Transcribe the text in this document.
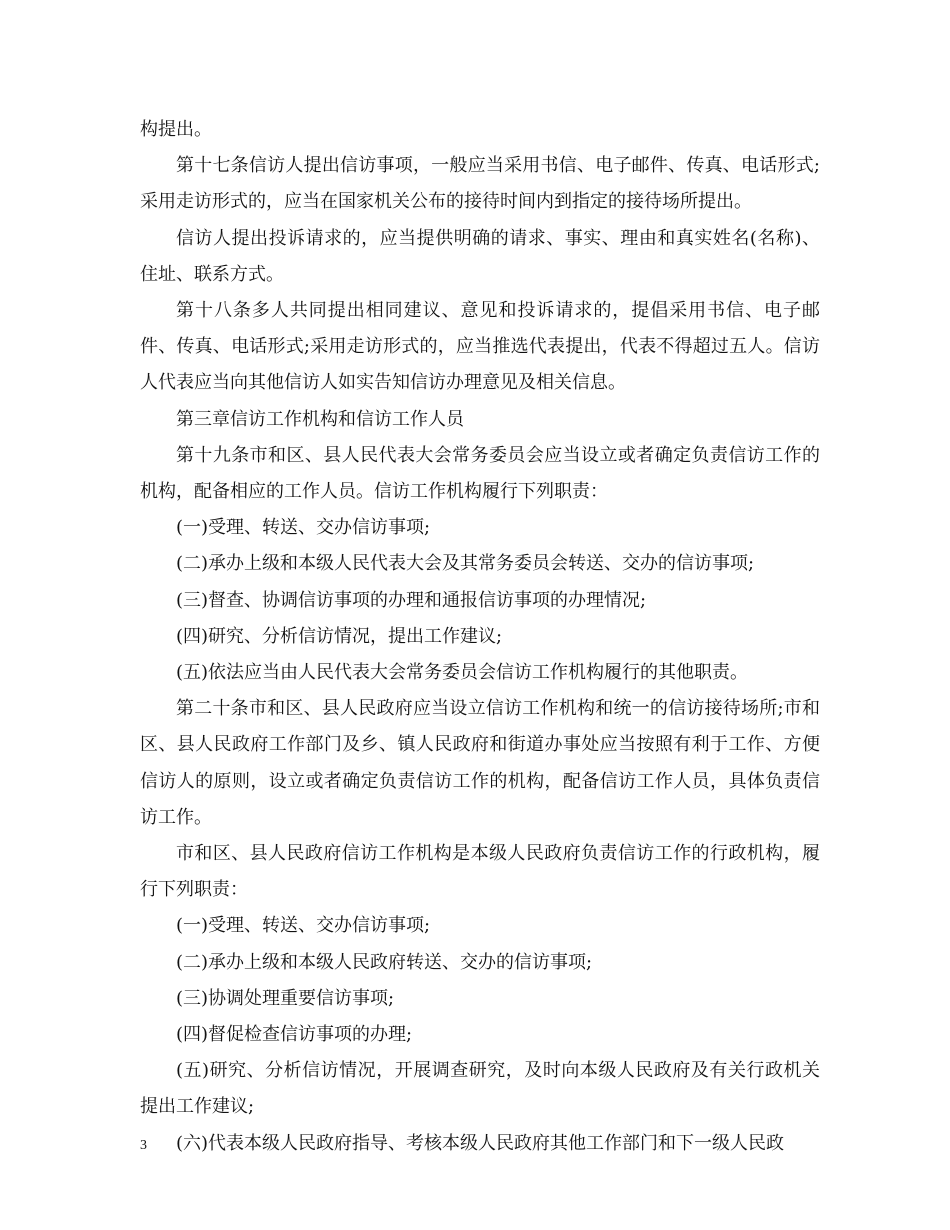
构提出。

第十七条信访人提出信访事项，一般应当采用书信、电子邮件、传真、电话形式;采用走访形式的，应当在国家机关公布的接待时间内到指定的接待场所提出。

信访人提出投诉请求的，应当提供明确的请求、事实、理由和真实姓名(名称)、住址、联系方式。

第十八条多人共同提出相同建议、意见和投诉请求的，提倡采用书信、电子邮件、传真、电话形式;采用走访形式的，应当推选代表提出，代表不得超过五人。信访人代表应当向其他信访人如实告知信访办理意见及相关信息。

第三章信访工作机构和信访工作人员

第十九条市和区、县人民代表大会常务委员会应当设立或者确定负责信访工作的机构，配备相应的工作人员。信访工作机构履行下列职责：

(一)受理、转送、交办信访事项;

(二)承办上级和本级人民代表大会及其常务委员会转送、交办的信访事项;

(三)督查、协调信访事项的办理和通报信访事项的办理情况;

(四)研究、分析信访情况，提出工作建议;

(五)依法应当由人民代表大会常务委员会信访工作机构履行的其他职责。

第二十条市和区、县人民政府应当设立信访工作机构和统一的信访接待场所;市和区、县人民政府工作部门及乡、镇人民政府和街道办事处应当按照有利于工作、方便信访人的原则，设立或者确定负责信访工作的机构，配备信访工作人员，具体负责信访工作。

市和区、县人民政府信访工作机构是本级人民政府负责信访工作的行政机构，履行下列职责：

(一)受理、转送、交办信访事项;

(二)承办上级和本级人民政府转送、交办的信访事项;

(三)协调处理重要信访事项;

(四)督促检查信访事项的办理;

(五)研究、分析信访情况，开展调查研究，及时向本级人民政府及有关行政机关提出工作建议;

(六)代表本级人民政府指导、考核本级人民政府其他工作部门和下一级人民政

3
